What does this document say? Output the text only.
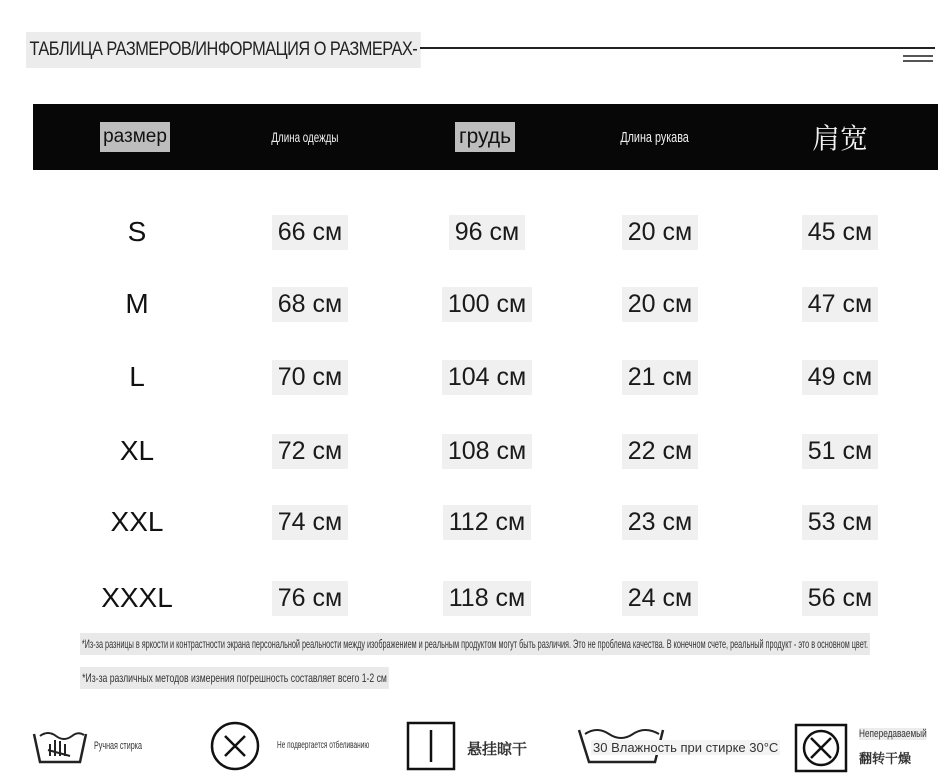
ТАБЛИЦА РАЗМЕРОВ/ИНФОРМАЦИЯ О РАЗМЕРАХ-
размер	Длина одежды	грудь	Длина рукава	肩宽
S	66 см	96 см	20 см	45 см
M	68 см	100 см	20 см	47 см
L	70 см	104 см	21 см	49 см
XL	72 см	108 см	22 см	51 см
XXL	74 см	112 см	23 см	53 см
XXXL	76 см	118 см	24 см	56 см
*Из-за разницы в яркости и контрастности экрана персональной реальности между изображением и реальным продуктом могут быть различия. Это не проблема качества. В конечном счете, реальный продукт - это в основном цвет.
*Из-за различных методов измерения погрешность составляет всего 1-2 см
Ручная стирка	Не подвергается отбеливанию	悬挂晾干	30 Влажность при стирке 30°C
Непередаваемый
翻转干燥
